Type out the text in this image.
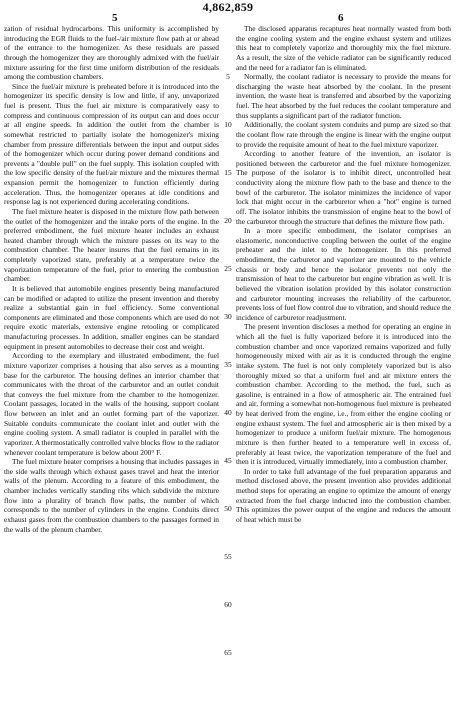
4,862,859
5	6

zation of residual hydrocarbons. This uniformity is accomplished by introducing the EGR fluids to the fuel-/air mixture flow path at or ahead of the entrance to the homogenizer. As these residuals are passed through the homogenizer they are thoroughly admixed with the fuel/air mixture assuring for the first time uniform distribution of the residuals among the combustion chambers.

Since the fuel/air mixture is preheated before it is introduced into the homogenizer its specific density is low and little, if any, unvaporized fuel is present. Thus the fuel air mixture is comparatively easy to compress and continuous compression of its output can and does occur at all engine speeds. In addition the outlet from the chamber is somewhat restricted to partially isolate the homogenizer's mixing chamber from pressure differentials between the input and output sides of the homogenizer which occur during power demand conditions and prevents a "double pull" on the fuel supply. This isolation coupled with the low specific density of the fuel/air mixture and the mixtures thermal expansion permit the homogenizer to function efficiently during acceleration. Thus, the homogenizer operates at idle conditions and response lag is not experienced during accelerating conditions.

The fuel mixture heater is disposed in the mixture flow path between the outlet of the homogenizer and the intake ports of the engine. In the preferred embodiment, the fuel mixture heater includes an exhaust heated chamber through which the mixture passes on its way to the combustion chamber. The heater insures that the fuel remains in its completely vaporized state, preferably at a temperature twice the vaporization temperature of the fuel, prior to entering the combustion chamber.

It is believed that automobile engines presently being manufactured can be modified or adapted to utilize the present invention and thereby realize a substantial gain in fuel efficiency. Some conventional components are eliminated and those components which are used do not require exotic materials, extensive engine retooling or complicated manufacturing processes. In addition, smaller engines can be standard equipment in present automobiles to decrease their cost and weight.

According to the exemplary and illustrated embodiment, the fuel mixture vaporizer comprises a housing that also serves as a mounting base for the carburetor. The housing defines an interior chamber that communicates with the throat of the carburetor and an outlet conduit that conveys the fuel mixture from the chamber to the homogenizer. Coolant passages, located in the walls of the housing, support coolant flow between an inlet and an outlet forming part of the vaporizer. Suitable conduits communicate the coolant inlet and outlet with the engine cooling system. A small radiator is coupled in parallel with the vaporizer. A thermostatically controlled valve blocks flow to the radiator whenever coolant temperature is below about 200° F.

The fuel mixture heater comprises a housing that includes passages in the side walls through which exhaust gases travel and heat the interior walls of the plenum. According to a feature of this embodiment, the chamber includes vertically standing ribs which subdivide the mixture flow into a plurality of branch flow paths, the number of which corresponds to the number of cylinders in the engine. Conduits direct exhaust gases from the combustion chambers to the passages formed in the walls of the plenum chamber.

5
10
15
20
25
30
35
40
45
50
55
60
65

The disclosed apparatus recaptures heat normally wasted from both the engine cooling system and the engine exhaust system and utilizes this heat to completely vaporize and thoroughly mix the fuel mixture. As a result, the size of the vehicle radiator can be significantly reduced and the need for a radiator fan is eliminated.

Normally, the coolant radiator is necessary to provide the means for discharging the waste heat absorbed by the coolant. In the present invention, the waste heat is transferred and absorbed by the vaporizing fuel. The heat absorbed by the fuel reduces the coolant temperature and thus supplants a significant part of the radiator function.

Additionally, the coolant system conduits and pump are sized so that the coolant flow rate through the engine is linear with the engine output to provide the requisite amount of heat to the fuel mixture vaporizer.

According to another feature of the invention, an isolator is positioned between the carburetor and the fuel mixture homogenizer. The purpose of the isolator is to inhibit direct, uncontrolled heat conductivity along the mixture flow path to the base and thence to the bowl of the carburetor. The isolator minimizes the incidence of vapor lock that might occur in the carburetor when a "hot" engine is turned off. The isolator inhibits the transmission of engine heat to the bowl of the carburetor through the structure that defines the mixture flow path.

In a more specific embodiment, the isolator comprises an elastomeric, nonconductive coupling between the outlet of the engine preheater and the inlet to the homogenizer. In this preferred embodiment, the carburetor and vaporizer are mounted to the vehicle chassis or body and hence the isolator prevents not only the transmission of heat to the carburetor but engine vibration as well. It is believed the vibration isolation provided by this isolator construction and carburetor mounting increases the reliability of the carburetor, prevents loss of fuel flow control due to vibration, and should reduce the incidence of carburetor readjustment.

The present invention discloses a method for operating an engine in which all the fuel is fully vaporized before it is introduced into the combustion chamber and once vaporized remains vaporized and fully homogeneously mixed with air as it is conducted through the engine intake system. The fuel is not only completely vaporized but is also thoroughly mixed so that a uniform fuel and air mixture enters the combustion chamber. According to the method, the fuel, such as gasoline, is entrained in a flow of atmospheric air. The entrained fuel and air, forming a somewhat non-homogenous fuel mixture is preheated by heat derived from the engine, i.e., from either the engine cooling or engine exhaust system. The fuel and atmospheric air is then mixed by a homogenizer to produce a uniform fuel/air mixture. The homogenous mixture is then further heated to a temperature well in excess of, preferably at least twice, the vaporization temperature of the fuel and then it is introduced, virtually immediately, into a combustion chamber.

In order to take full advantage of the fuel preparation apparatus and method disclosed above, the present invention also provides additional method steps for operating an engine to optimize the amount of energy extracted from the fuel charge inducted into the combustion chamber. This optimizes the power output of the engine and reduces the amount of heat which must be
